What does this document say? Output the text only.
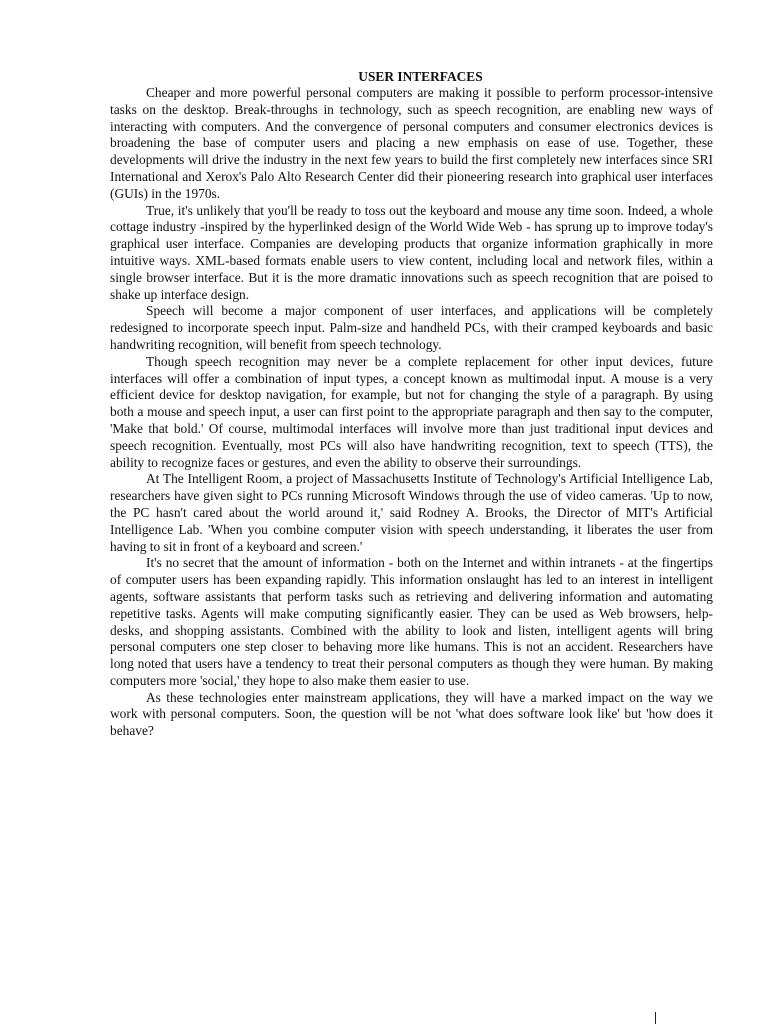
USER INTERFACES

Cheaper and more powerful personal computers are making it possible to perform processor-intensive tasks on the desktop. Break-throughs in technology, such as speech recognition, are enabling new ways of interacting with computers. And the convergence of personal computers and consumer electronics devices is broadening the base of computer users and placing a new emphasis on ease of use. Together, these developments will drive the industry in the next few years to build the first completely new interfaces since SRI International and Xerox's Palo Alto Research Center did their pioneering research into graphical user interfaces (GUIs) in the 1970s.

True, it's unlikely that you'll be ready to toss out the keyboard and mouse any time soon. Indeed, a whole cottage industry -inspired by the hyperlinked design of the World Wide Web - has sprung up to improve today's graphical user interface. Companies are developing products that organize information graphically in more intuitive ways. XML-based formats enable users to view content, including local and network files, within a single browser interface. But it is the more dramatic innovations such as speech recognition that are poised to shake up interface design.

Speech will become a major component of user interfaces, and applications will be completely redesigned to incorporate speech input. Palm-size and handheld PCs, with their cramped keyboards and basic handwriting recognition, will benefit from speech technology.

Though speech recognition may never be a complete replacement for other input devices, future interfaces will offer a combination of input types, a concept known as multimodal input. A mouse is a very efficient device for desktop navigation, for example, but not for changing the style of a paragraph. By using both a mouse and speech input, a user can first point to the appropriate paragraph and then say to the computer, 'Make that bold.' Of course, multimodal interfaces will involve more than just traditional input devices and speech recognition. Eventually, most PCs will also have handwriting recognition, text to speech (TTS), the ability to recognize faces or gestures, and even the ability to observe their surroundings.

At The Intelligent Room, a project of Massachusetts Institute of Technology's Artificial Intelligence Lab, researchers have given sight to PCs running Microsoft Windows through the use of video cameras. 'Up to now, the PC hasn't cared about the world around it,' said Rodney A. Brooks, the Director of MIT's Artificial Intelligence Lab. 'When you combine computer vision with speech understanding, it liberates the user from having to sit in front of a keyboard and screen.'

It's no secret that the amount of information - both on the Internet and within intranets - at the fingertips of computer users has been expanding rapidly. This information onslaught has led to an interest in intelligent agents, software assistants that perform tasks such as retrieving and delivering information and automating repetitive tasks. Agents will make computing significantly easier. They can be used as Web browsers, help-desks, and shopping assistants. Combined with the ability to look and listen, intelligent agents will bring personal computers one step closer to behaving more like humans. This is not an accident. Researchers have long noted that users have a tendency to treat their personal computers as though they were human. By making computers more 'social,' they hope to also make them easier to use.

As these technologies enter mainstream applications, they will have a marked impact on the way we work with personal computers. Soon, the question will be not 'what does software look like' but 'how does it behave?
